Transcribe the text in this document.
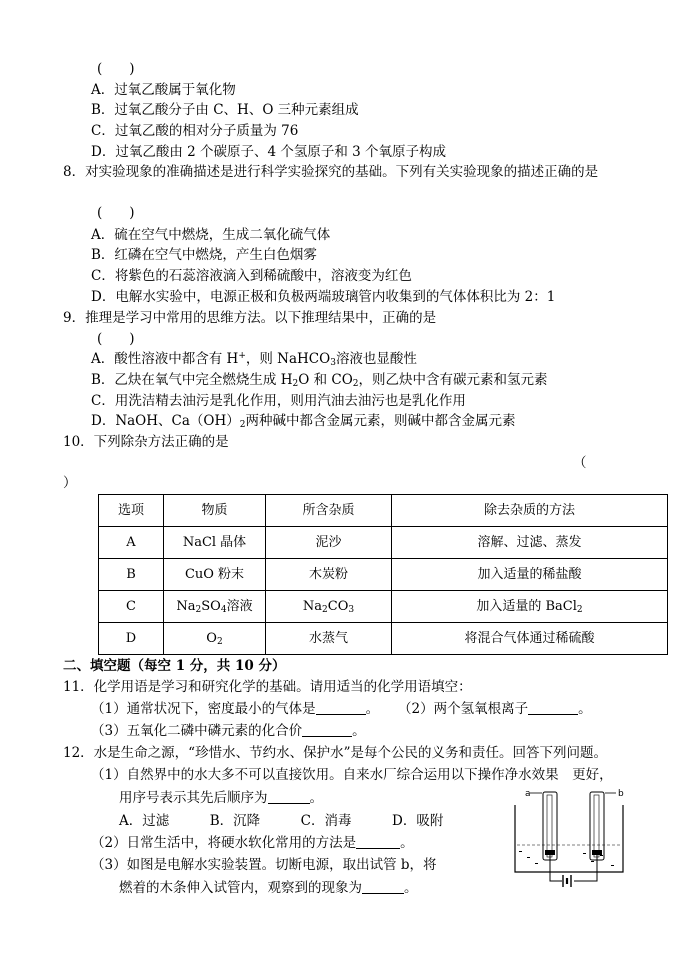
(　　)
A．过氧乙酸属于氧化物
B．过氧乙酸分子由 C、H、O 三种元素组成
C．过氧乙酸的相对分子质量为 76
D．过氧乙酸由 2 个碳原子、4 个氢原子和 3 个氧原子构成
8．对实验现象的准确描述是进行科学实验探究的基础。下列有关实验现象的描述正确的是
(　　)
A．硫在空气中燃烧，生成二氧化硫气体
B．红磷在空气中燃烧，产生白色烟雾
C．将紫色的石蕊溶液滴入到稀硫酸中，溶液变为红色
D．电解水实验中，电源正极和负极两端玻璃管内收集到的气体体积比为 2：1
9．推理是学习中常用的思维方法。以下推理结果中，正确的是
(　　)
A．酸性溶液中都含有 H+，则 NaHCO$_3$溶液也显酸性
B．乙炔在氧气中完全燃烧生成 $H_2O$ 和 $CO_2$，则乙炔中含有碳元素和氢元素
C．用洗洁精去油污是乳化作用，则用汽油去油污也是乳化作用
D．NaOH、$Ca(OH)_2$两种碱中都含金属元素，则碱中都含金属元素
10．下列除杂方法正确的是
（
）
选项	物质	所含杂质	除去杂质的方法
A	NaCl 晶体	泥沙	溶解、过滤、蒸发
B	CuO 粉末	木炭粉	加入适量的稀盐酸
C	$Na_2SO_4$溶液	$Na_2CO_3$	加入适量的 BaCl$_2$
D	$O_2$	水蒸气	将混合气体通过稀硫酸
二、填空题（每空 1 分，共 10 分）
11．化学用语是学习和研究化学的基础。请用适当的化学用语填空：
（1）通常状况下，密度最小的气体是	。 （2）两个氢氧根离子	。
（3）五氧化二磷中磷元素的化合价	。
12．水是生命之源，“珍惜水、节约水、保护水”是每个公民的义务和责任。回答下列问题。
（1）自然界中的水大多不可以直接饮用。自来水厂综合运用以下操作净水效果　更好，
用序号表示其先后顺序为	。
A．过滤　　　B．沉降　　　C．消毒　　　D．吸附
（2）日常生活中，将硬水软化常用的方法是	。
（3）如图是电解水实验装置。切断电源，取出试管 b，将
燃着的木条伸入试管内，观察到的现象为	。
a	b
